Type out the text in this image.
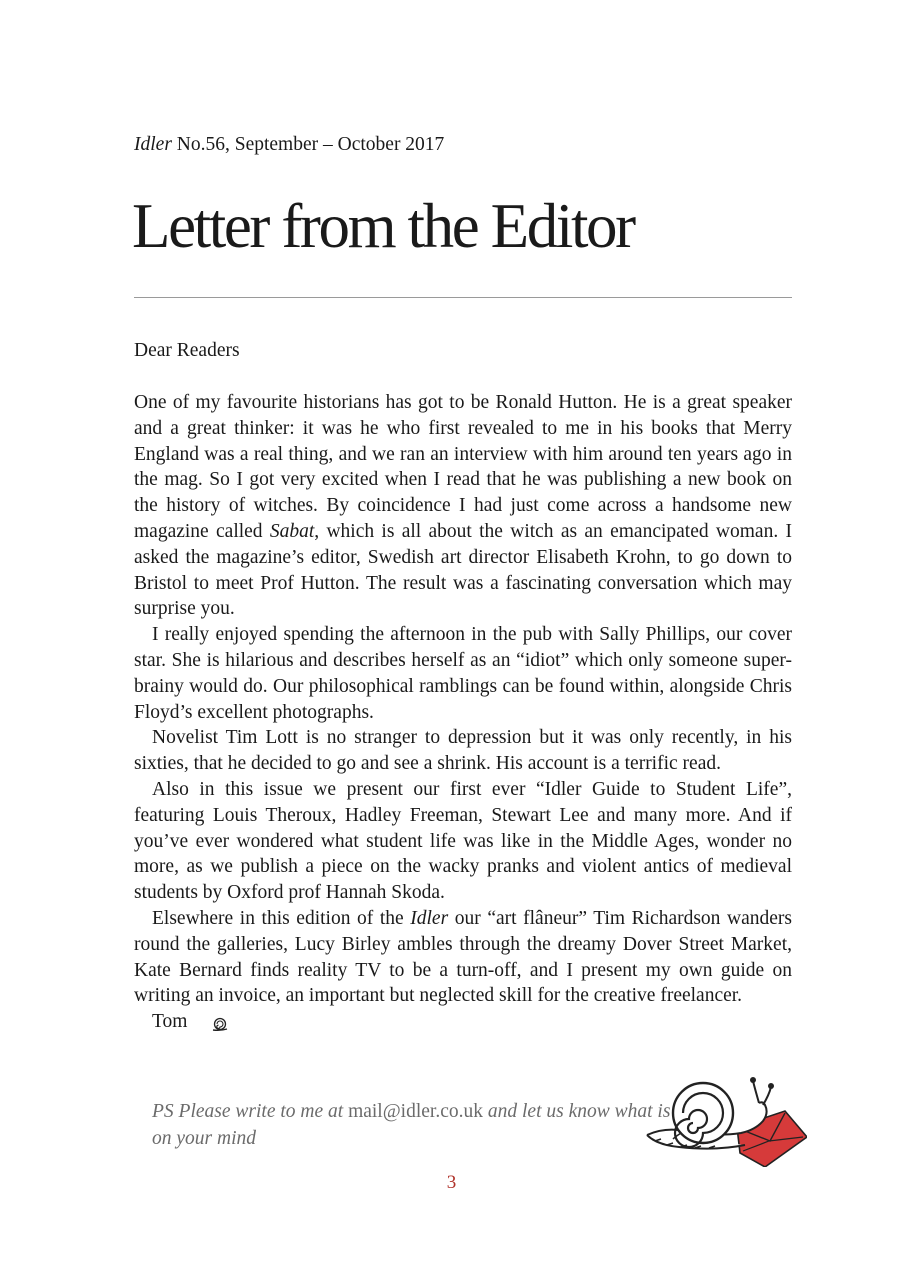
Idler No.56, September – October 2017
Letter from the Editor
Dear Readers

One of my favourite historians has got to be Ronald Hutton. He is a great speaker and a great thinker: it was he who first revealed to me in his books that Merry England was a real thing, and we ran an interview with him around ten years ago in the mag. So I got very excited when I read that he was publishing a new book on the history of witches. By coincidence I had just come across a handsome new magazine called Sabat, which is all about the witch as an emancipated woman. I asked the magazine’s editor, Swedish art director Elisabeth Krohn, to go down to Bristol to meet Prof Hutton. The result was a fascinating conversation which may surprise you.

I really enjoyed spending the afternoon in the pub with Sally Phillips, our cover star. She is hilarious and describes herself as an “idiot” which only someone super-brainy would do. Our philosophical ramblings can be found within, alongside Chris Floyd’s excellent photographs.

Novelist Tim Lott is no stranger to depression but it was only recently, in his sixties, that he decided to go and see a shrink. His account is a terrific read.

Also in this issue we present our first ever “Idler Guide to Student Life”, featuring Louis Theroux, Hadley Freeman, Stewart Lee and many more. And if you’ve ever wondered what student life was like in the Middle Ages, wonder no more, as we publish a piece on the wacky pranks and violent antics of medieval students by Oxford prof Hannah Skoda.

Elsewhere in this edition of the Idler our “art flâneur” Tim Richardson wanders round the galleries, Lucy Birley ambles through the dreamy Dover Street Market, Kate Bernard finds reality TV to be a turn-off, and I present my own guide on writing an invoice, an important but neglected skill for the creative freelancer.

Tom

PS Please write to me at mail@idler.co.uk and let us know what is on your mind
3
